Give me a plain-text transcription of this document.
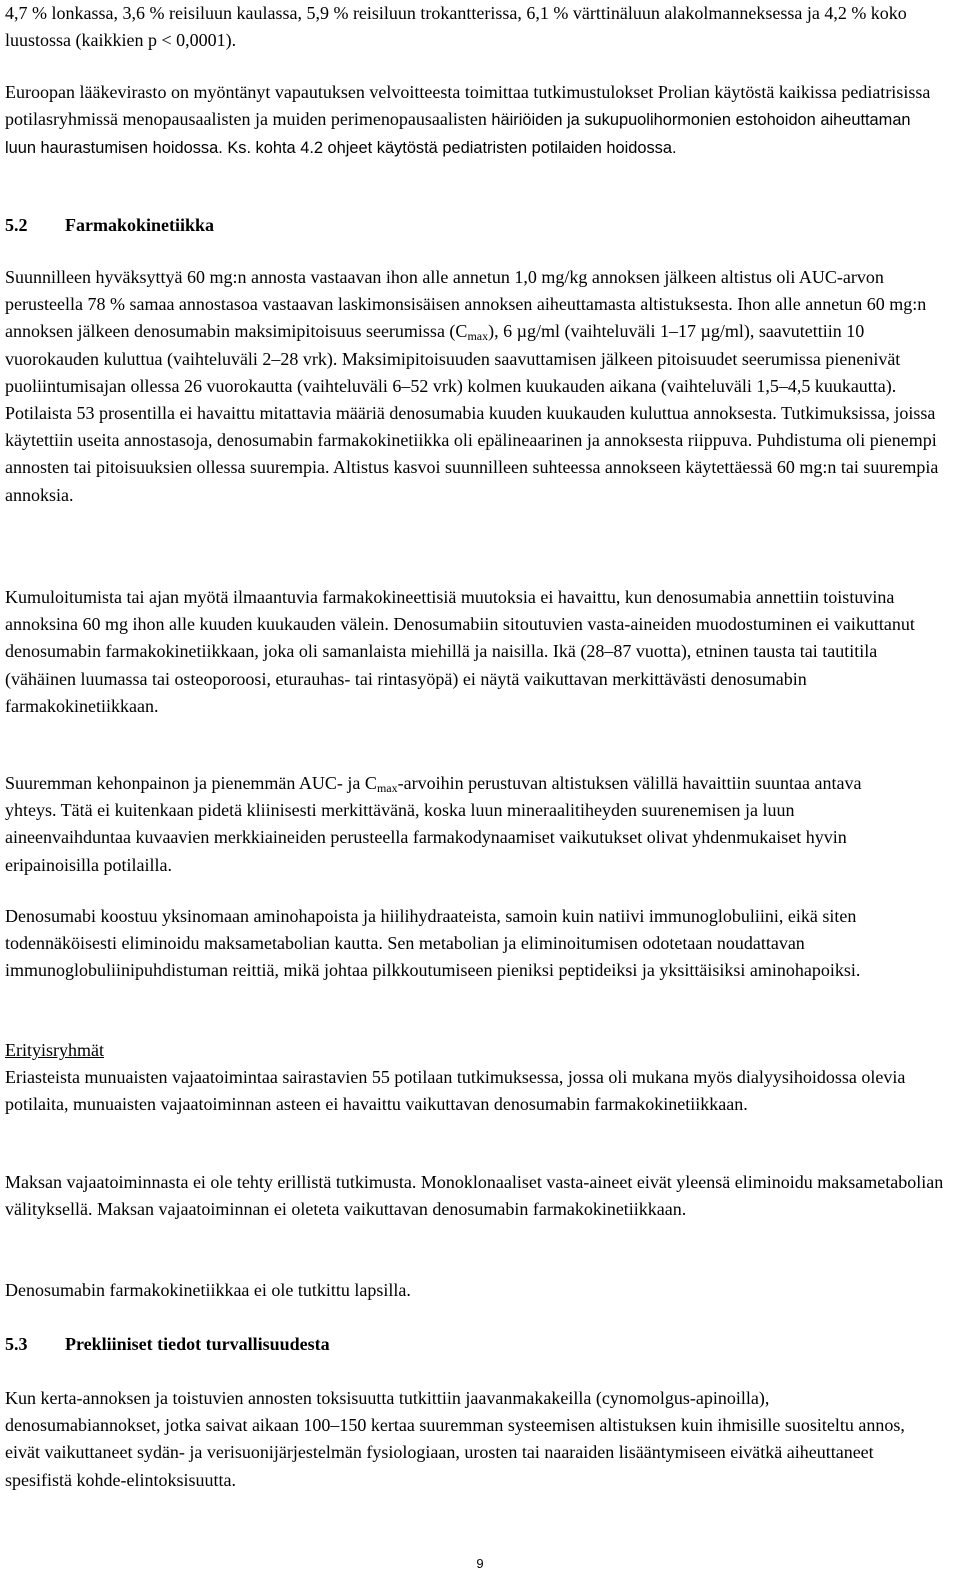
4,7 % lonkassa, 3,6 % reisiluun kaulassa, 5,9 % reisiluun trokantterissa, 6,1 % värttinäluun alakolmanneksessa ja 4,2 % koko luustossa (kaikkien p < 0,0001).

Euroopan lääkevirasto on myöntänyt vapautuksen velvoitteesta toimittaa tutkimustulokset Prolian käytöstä kaikissa pediatrisissa potilasryhmissä menopausaalisten ja muiden perimenopausaalisten häiriöiden ja sukupuolihormonien estohoidon aiheuttaman luun haurastumisen hoidossa. Ks. kohta 4.2 ohjeet käytöstä pediatristen potilaiden hoidossa.

5.2 Farmakokinetiikka

Suunnilleen hyväksyttyä 60 mg:n annosta vastaavan ihon alle annetun 1,0 mg/kg annoksen jälkeen altistus oli AUC-arvon perusteella 78 % samaa annostasoa vastaavan laskimonsisäisen annoksen aiheuttamasta altistuksesta. Ihon alle annetun 60 mg:n annoksen jälkeen denosumabin maksimipitoisuus seerumissa $(C_{max})$, 6 µg/ml (vaihteluväli 1–17 µg/ml), saavutettiin 10 vuorokauden kuluttua (vaihteluväli 2–28 vrk). Maksimipitoisuuden saavuttamisen jälkeen pitoisuudet seerumissa pienenivät puoliintumisajan ollessa 26 vuorokautta (vaihteluväli 6–52 vrk) kolmen kuukauden aikana (vaihteluväli 1,5–4,5 kuukautta). Potilaista 53 prosentilla ei havaittu mitattavia määriä denosumabia kuuden kuukauden kuluttua annoksesta. Tutkimuksissa, joissa käytettiin useita annostasoja, denosumabin farmakokinetiikka oli epälineaarinen ja annoksesta riippuva. Puhdistuma oli pienempi annosten tai pitoisuuksien ollessa suurempia. Altistus kasvoi suunnilleen suhteessa annokseen käytettäessä 60 mg:n tai suurempia annoksia.

Kumuloitumista tai ajan myötä ilmaantuvia farmakokineettisiä muutoksia ei havaittu, kun denosumabia annettiin toistuvina annoksina 60 mg ihon alle kuuden kuukauden välein. Denosumabiin sitoutuvien vasta-aineiden muodostuminen ei vaikuttanut denosumabin farmakokinetiikkaan, joka oli samanlaista miehillä ja naisilla. Ikä (28–87 vuotta), etninen tausta tai tautitila (vähäinen luumassa tai osteoporoosi, eturauhas- tai rintasyöpä) ei näytä vaikuttavan merkittävästi denosumabin farmakokinetiikkaan.

Suuremman kehonpainon ja pienemmän AUC- ja $C_{max}$-arvoihin perustuvan altistuksen välillä havaittiin suuntaa antava yhteys. Tätä ei kuitenkaan pidetä kliinisesti merkittävänä, koska luun mineraalitiheyden suurenemisen ja luun aineenvaihduntaa kuvaavien merkkiaineiden perusteella farmakodynaamiset vaikutukset olivat yhdenmukaiset hyvin eripainoisilla potilailla.

Denosumabi koostuu yksinomaan aminohapoista ja hiilihydraateista, samoin kuin natiivi immunoglobuliini, eikä siten todennäköisesti eliminoidu maksametabolian kautta. Sen metabolian ja eliminoitumisen odotetaan noudattavan immunoglobuliinipuhdistuman reittiä, mikä johtaa pilkkoutumiseen pieniksi peptideiksi ja yksittäisiksi aminohapoiksi.

Erityisryhmät

Eriasteista munuaisten vajaatoimintaa sairastavien 55 potilaan tutkimuksessa, jossa oli mukana myös dialyysihoidossa olevia potilaita, munuaisten vajaatoiminnan asteen ei havaittu vaikuttavan denosumabin farmakokinetiikkaan.

Maksan vajaatoiminnasta ei ole tehty erillistä tutkimusta. Monoklonaaliset vasta-aineet eivät yleensä eliminoidu maksametabolian välityksellä. Maksan vajaatoiminnan ei oleteta vaikuttavan denosumabin farmakokinetiikkaan.

Denosumabin farmakokinetiikkaa ei ole tutkittu lapsilla.

5.3 Prekliiniset tiedot turvallisuudesta

Kun kerta-annoksen ja toistuvien annosten toksisuutta tutkittiin jaavanmakakeilla (cynomolgus-apinoilla), denosumabiannokset, jotka saivat aikaan 100–150 kertaa suuremman systeemisen altistuksen kuin ihmisille suositeltu annos, eivät vaikuttaneet sydän- ja verisuonijärjestelmän fysiologiaan, urosten tai naaraiden lisääntymiseen eivätkä aiheuttaneet spesifistä kohde-elintoksisuutta.

9
